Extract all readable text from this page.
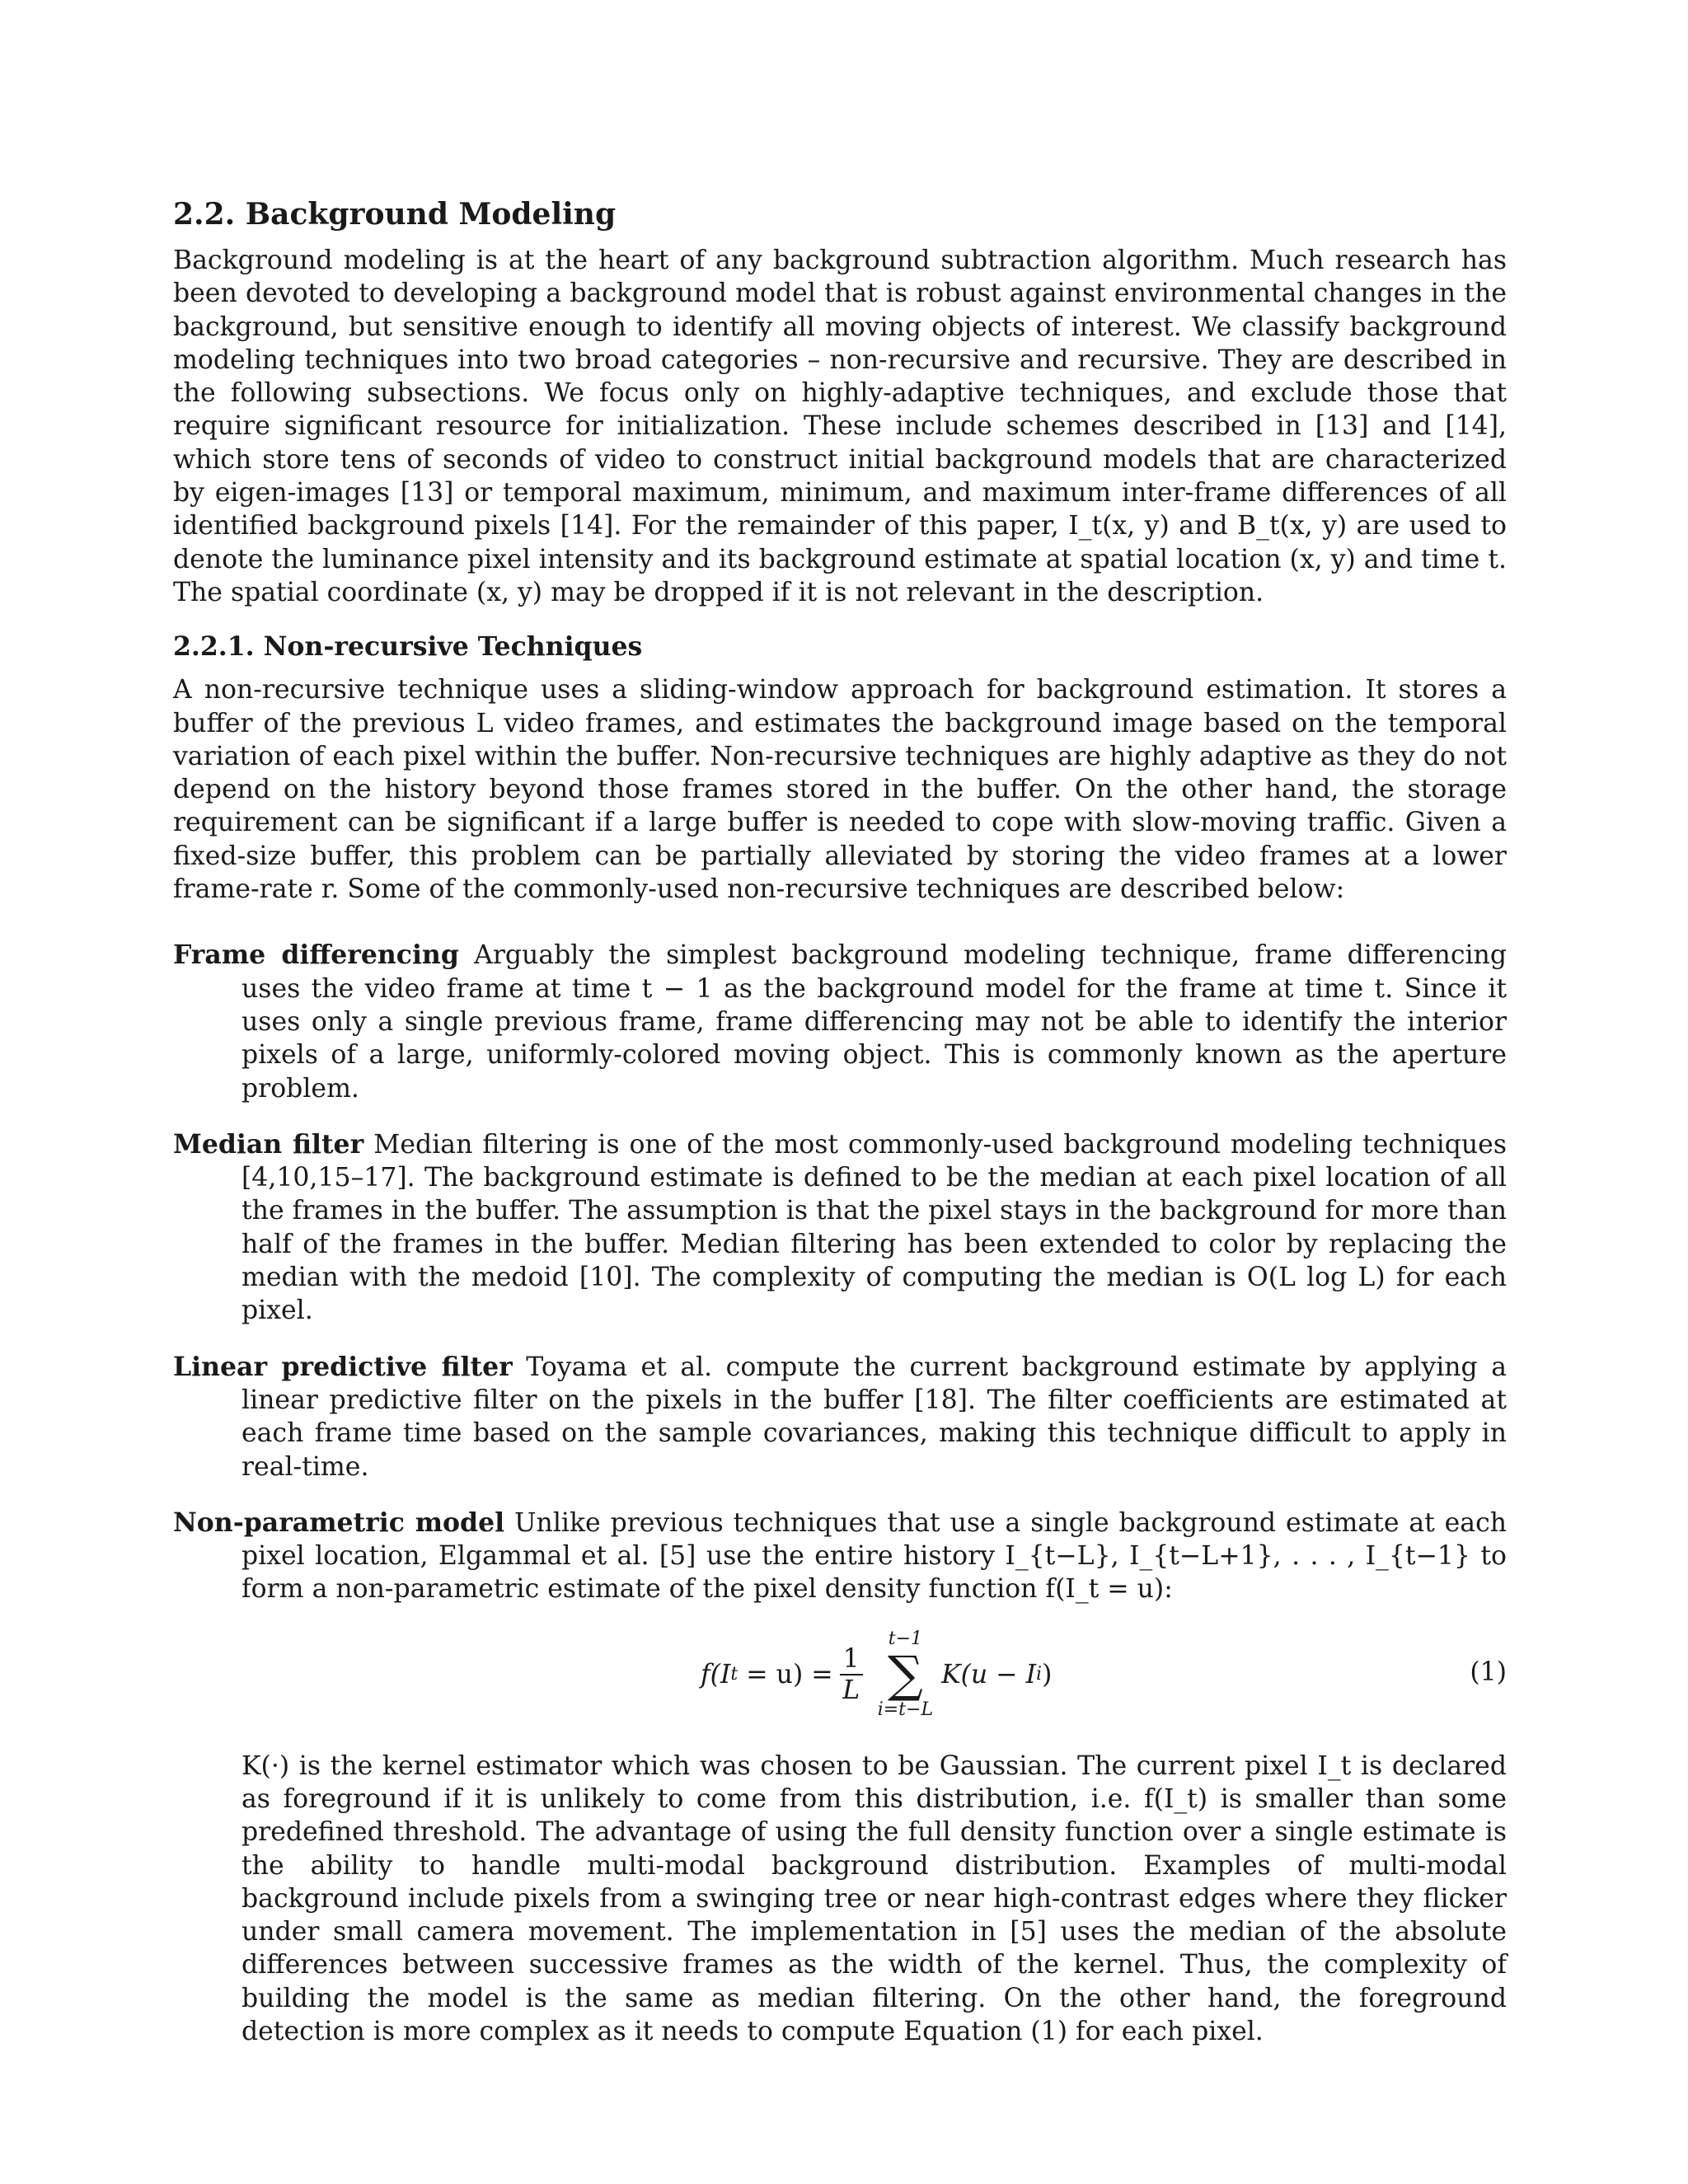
2.2. Background Modeling

Background modeling is at the heart of any background subtraction algorithm. Much research has been devoted to developing a background model that is robust against environmental changes in the background, but sensitive enough to identify all moving objects of interest. We classify background modeling techniques into two broad categories – non-recursive and recursive. They are described in the following subsections. We focus only on highly-adaptive techniques, and exclude those that require significant resource for initialization. These include schemes described in [13] and [14], which store tens of seconds of video to construct initial background models that are characterized by eigen-images [13] or temporal maximum, minimum, and maximum inter-frame differences of all identified background pixels [14]. For the remainder of this paper, I_t(x, y) and B_t(x, y) are used to denote the luminance pixel intensity and its background estimate at spatial location (x, y) and time t. The spatial coordinate (x, y) may be dropped if it is not relevant in the description.

2.2.1. Non-recursive Techniques

A non-recursive technique uses a sliding-window approach for background estimation. It stores a buffer of the previous L video frames, and estimates the background image based on the temporal variation of each pixel within the buffer. Non-recursive techniques are highly adaptive as they do not depend on the history beyond those frames stored in the buffer. On the other hand, the storage requirement can be significant if a large buffer is needed to cope with slow-moving traffic. Given a fixed-size buffer, this problem can be partially alleviated by storing the video frames at a lower frame-rate r. Some of the commonly-used non-recursive techniques are described below:

Frame differencing Arguably the simplest background modeling technique, frame differencing uses the video frame at time t − 1 as the background model for the frame at time t. Since it uses only a single previous frame, frame differencing may not be able to identify the interior pixels of a large, uniformly-colored moving object. This is commonly known as the aperture problem.

Median filter Median filtering is one of the most commonly-used background modeling techniques [4,10,15–17]. The background estimate is defined to be the median at each pixel location of all the frames in the buffer. The assumption is that the pixel stays in the background for more than half of the frames in the buffer. Median filtering has been extended to color by replacing the median with the medoid [10]. The complexity of computing the median is O(L log L) for each pixel.

Linear predictive filter Toyama et al. compute the current background estimate by applying a linear predictive filter on the pixels in the buffer [18]. The filter coefficients are estimated at each frame time based on the sample covariances, making this technique difficult to apply in real-time.

Non-parametric model Unlike previous techniques that use a single background estimate at each pixel location, Elgammal et al. [5] use the entire history I_{t−L}, I_{t−L+1}, . . . , I_{t−1} to form a non-parametric estimate of the pixel density function f(I_t = u):

f(I t
= $u) = \frac{1}{L}$
t−1
∑
i=t−L
K(u − I i )	(1)

K(·) is the kernel estimator which was chosen to be Gaussian. The current pixel I_t is declared as foreground if it is unlikely to come from this distribution, i.e. f(I_t) is smaller than some predefined threshold. The advantage of using the full density function over a single estimate is the ability to handle multi-modal background distribution. Examples of multi-modal background include pixels from a swinging tree or near high-contrast edges where they flicker under small camera movement. The implementation in [5] uses the median of the absolute differences between successive frames as the width of the kernel. Thus, the complexity of building the model is the same as median filtering. On the other hand, the foreground detection is more complex as it needs to compute Equation (1) for each pixel.
